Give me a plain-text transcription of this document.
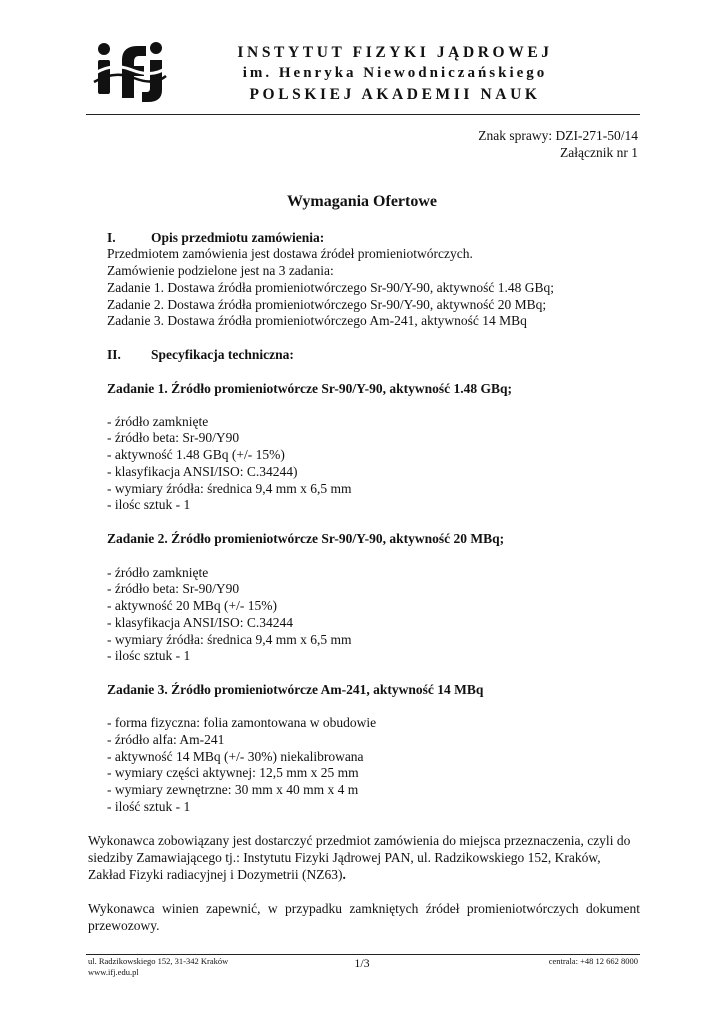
INSTYTUT FIZYKI JĄDROWEJ
im. Henryka Niewodniczańskiego
POLSKIEJ AKADEMII NAUK
Znak sprawy: DZI-271-50/14
Załącznik nr 1
Wymagania Ofertowe
I.	Opis przedmiotu zamówienia:
Przedmiotem zamówienia jest dostawa źródeł promieniotwórczych.
Zamówienie podzielone jest na 3 zadania:
Zadanie 1. Dostawa źródła promieniotwórczego Sr-90/Y-90, aktywność 1.48 GBq;
Zadanie 2. Dostawa źródła promieniotwórczego Sr-90/Y-90, aktywność 20 MBq;
Zadanie 3. Dostawa źródła promieniotwórczego Am-241, aktywność 14 MBq
II. Specyfikacja techniczna:
Zadanie 1. Źródło promieniotwórcze Sr-90/Y-90, aktywność 1.48 GBq;
- źródło zamknięte
- źródło beta: Sr-90/Y90
- aktywność 1.48 GBq (+/- 15%)
- klasyfikacja ANSI/ISO: C.34244)
- wymiary źródła: średnica 9,4 mm x 6,5 mm
- ilośc sztuk - 1
Zadanie 2. Źródło promieniotwórcze Sr-90/Y-90, aktywność 20 MBq;
- źródło zamknięte
- źródło beta: Sr-90/Y90
- aktywność 20 MBq (+/- 15%)
- klasyfikacja ANSI/ISO: C.34244
- wymiary źródła: średnica 9,4 mm x 6,5 mm
- ilośc sztuk - 1
Zadanie 3. Źródło promieniotwórcze Am-241, aktywność 14 MBq
- forma fizyczna: folia zamontowana w obudowie
- źródło alfa: Am-241
- aktywność 14 MBq (+/- 30%) niekalibrowana
- wymiary części aktywnej: 12,5 mm x 25 mm
- wymiary zewnętrzne: 30 mm x 40 mm x 4 m
- ilość sztuk - 1
Wykonawca zobowiązany jest dostarczyć przedmiot zamówienia do miejsca przeznaczenia, czyli do siedziby Zamawiającego tj.: Instytutu Fizyki Jądrowej PAN, ul. Radzikowskiego 152, Kraków, Zakład Fizyki radiacyjnej i Dozymetrii (NZ63).
Wykonawca winien zapewnić, w przypadku zamkniętych źródeł promieniotwórczych dokument przewozowy.
ul. Radzikowskiego 152, 31-342 Kraków
www.ifj.edu.pl
1/3	centrala: +48 12 662 8000
